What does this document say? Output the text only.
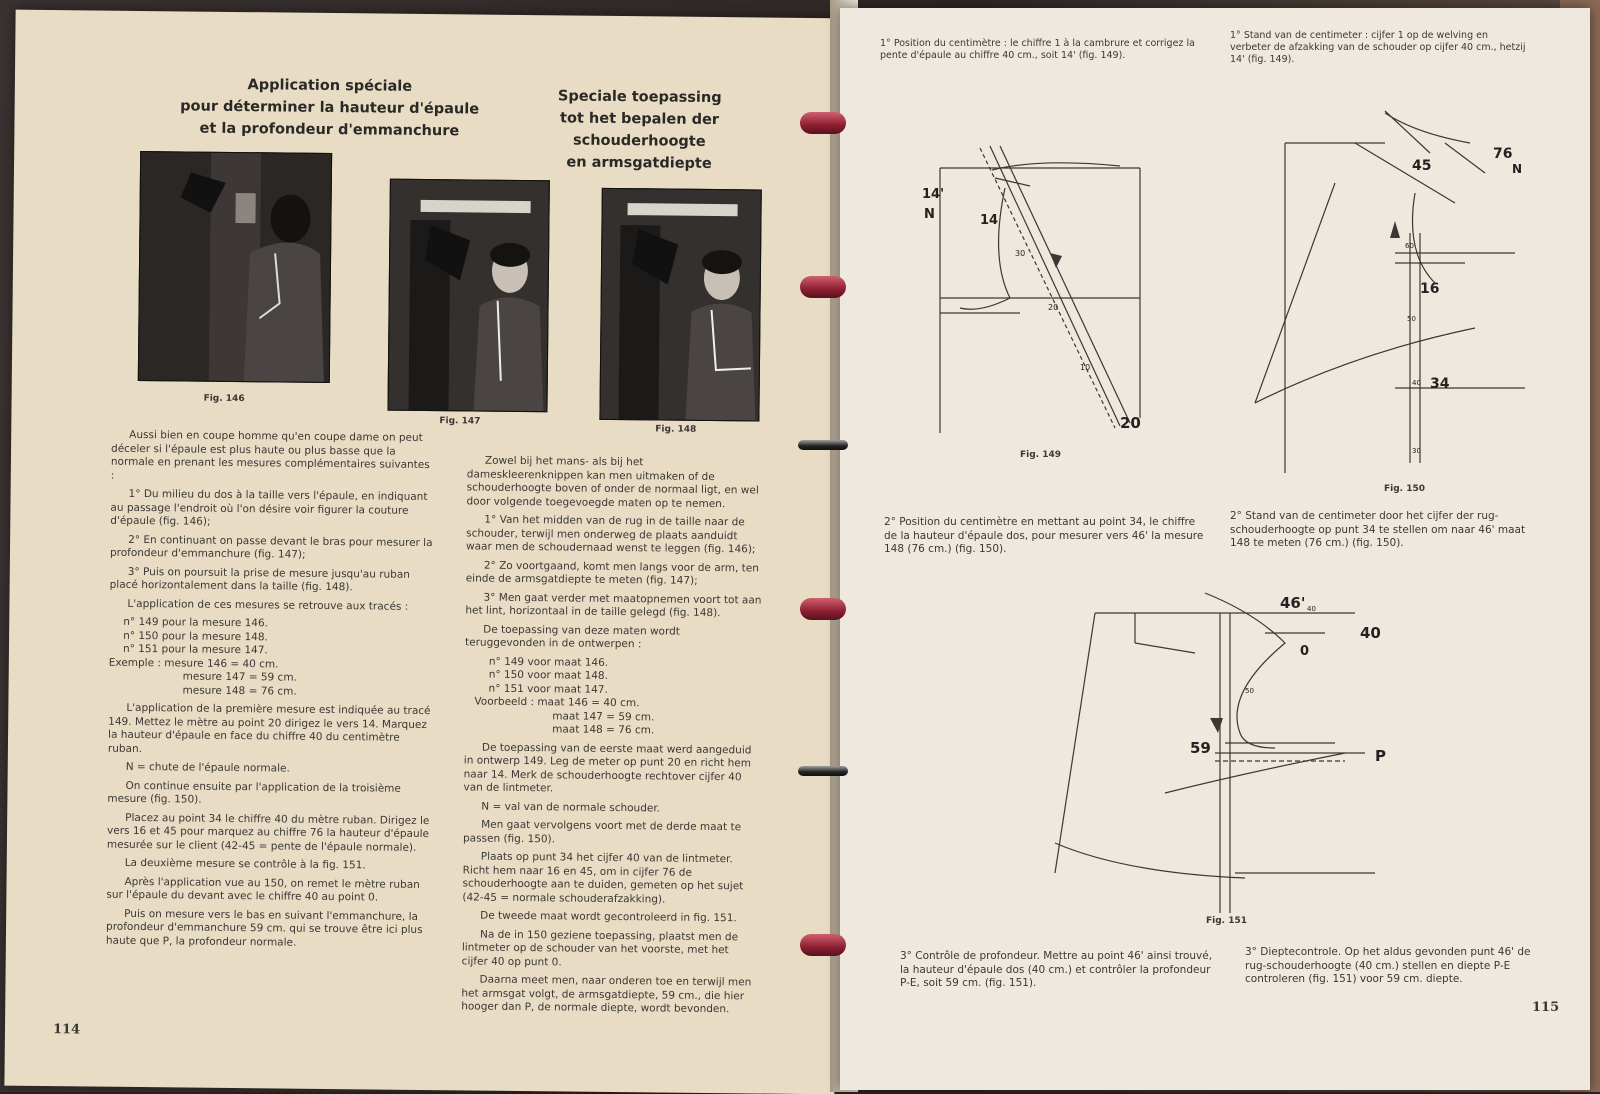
Application spéciale
pour déterminer la hauteur d'épaule
et la profondeur d'emmanchure
Speciale toepassing
tot het bepalen der schouderhoogte
en armsgatdiepte
Fig. 146
Fig. 147
Fig. 148

Aussi bien en coupe homme qu'en coupe dame on peut déceler si l'épaule est plus haute ou plus basse que la normale en prenant les mesures complémentaires suivantes :

1° Du milieu du dos à la taille vers l'épaule, en indiquant au passage l'endroit où l'on désire voir figurer la couture d'épaule (fig. 146);

2° En continuant on passe devant le bras pour mesurer la profondeur d'emmanchure (fig. 147);

3° Puis on poursuit la prise de mesure jusqu'au ruban placé horizontalement dans la taille (fig. 148).

L'application de ces mesures se retrouve aux tracés :

n° 149 pour la mesure 146.
n° 150 pour la mesure 148.
n° 151 pour la mesure 147.
Exemple : mesure 146 = 40 cm.
mesure 147 = 59 cm.
mesure 148 = 76 cm.

L'application de la première mesure est indiquée au tracé 149. Mettez le mètre au point 20 dirigez le vers 14. Marquez la hauteur d'épaule en face du chiffre 40 du centimètre ruban.

N = chute de l'épaule normale.

On continue ensuite par l'application de la troisième mesure (fig. 150).

Placez au point 34 le chiffre 40 du mètre ruban. Dirigez le vers 16 et 45 pour marquez au chiffre 76 la hauteur d'épaule mesurée sur le client (42-45 = pente de l'épaule normale).

La deuxième mesure se contrôle à la fig. 151.

Après l'application vue au 150, on remet le mètre ruban sur l'épaule du devant avec le chiffre 40 au point 0.

Puis on mesure vers le bas en suivant l'emmanchure, la profondeur d'emmanchure 59 cm. qui se trouve être ici plus haute que P, la profondeur normale.

Zowel bij het mans- als bij het dameskleerenknippen kan men uitmaken of de schouderhoogte boven of onder de normaal ligt, en wel door volgende toegevoegde maten op te nemen.

1° Van het midden van de rug in de taille naar de schouder, terwijl men onderweg de plaats aanduidt waar men de schoudernaad wenst te leggen (fig. 146);

2° Zo voortgaand, komt men langs voor de arm, ten einde de armsgatdiepte te meten (fig. 147);

3° Men gaat verder met maatopnemen voort tot aan het lint, horizontaal in de taille gelegd (fig. 148).

De toepassing van deze maten wordt teruggevonden in de ontwerpen :

n° 149 voor maat 146.
n° 150 voor maat 148.
n° 151 voor maat 147.
Voorbeeld : maat 146 = 40 cm.
maat 147 = 59 cm.
maat 148 = 76 cm.

De toepassing van de eerste maat werd aangeduid in ontwerp 149. Leg de meter op punt 20 en richt hem naar 14. Merk de schouderhoogte rechtover cijfer 40 van de lintmeter.

N = val van de normale schouder.

Men gaat vervolgens voort met de derde maat te passen (fig. 150).

Plaats op punt 34 het cijfer 40 van de lintmeter. Richt hem naar 16 en 45, om in cijfer 76 de schouderhoogte aan te duiden, gemeten op het sujet (42-45 = normale schouderafzakking).

De tweede maat wordt gecontroleerd in fig. 151.

Na de in 150 geziene toepassing, plaatst men de lintmeter op de schouder van het voorste, met het cijfer 40 op punt 0.

Daarna meet men, naar onderen toe en terwijl men het armsgat volgt, de armsgatdiepte, 59 cm., die hier hooger dan P, de normale diepte, wordt bevonden.

114
1° Position du centimètre : le chiffre 1 à la cambrure et corrigez la pente d'épaule au chiffre 40 cm., soit 14' (fig. 149).
1° Stand van de centimeter : cijfer 1 op de welving en verbeter de afzakking van de schouder op cijfer 40 cm., hetzij 14' (fig. 149).
14'
N	14
20
30
20
10
Fig. 149
45
76
N
16
34
60
50
40
30
Fig. 150
2° Position du centimètre en mettant au point 34, le chiffre de la hauteur d'épaule dos, pour mesurer vers 46' la mesure 148 (76 cm.) (fig. 150).
2° Stand van de centimeter door het cijfer der rug-schouderhoogte op punt 34 te stellen om naar 46' maat 148 te meten (76 cm.) (fig. 150).
46'
40
0
59	P
40
50
Fig. 151
3° Contrôle de profondeur. Mettre au point 46' ainsi trouvé, la hauteur d'épaule dos (40 cm.) et contrôler la profondeur P-E, soit 59 cm. (fig. 151).
3° Dieptecontrole. Op het aldus gevonden punt 46' de rug-schouderhoogte (40 cm.) stellen en diepte P-E controleren (fig. 151) voor 59 cm. diepte.
115
